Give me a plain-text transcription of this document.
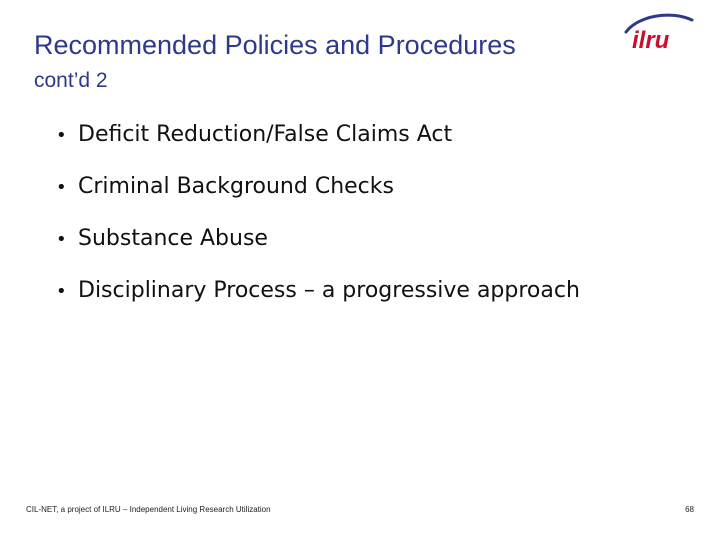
Recommended Policies and Procedures cont’d 2
ilru
• Deficit Reduction/False Claims Act
• Criminal Background Checks
• Substance Abuse
• Disciplinary Process – a progressive approach
CIL-NET, a project of ILRU – Independent Living Research Utilization	68
